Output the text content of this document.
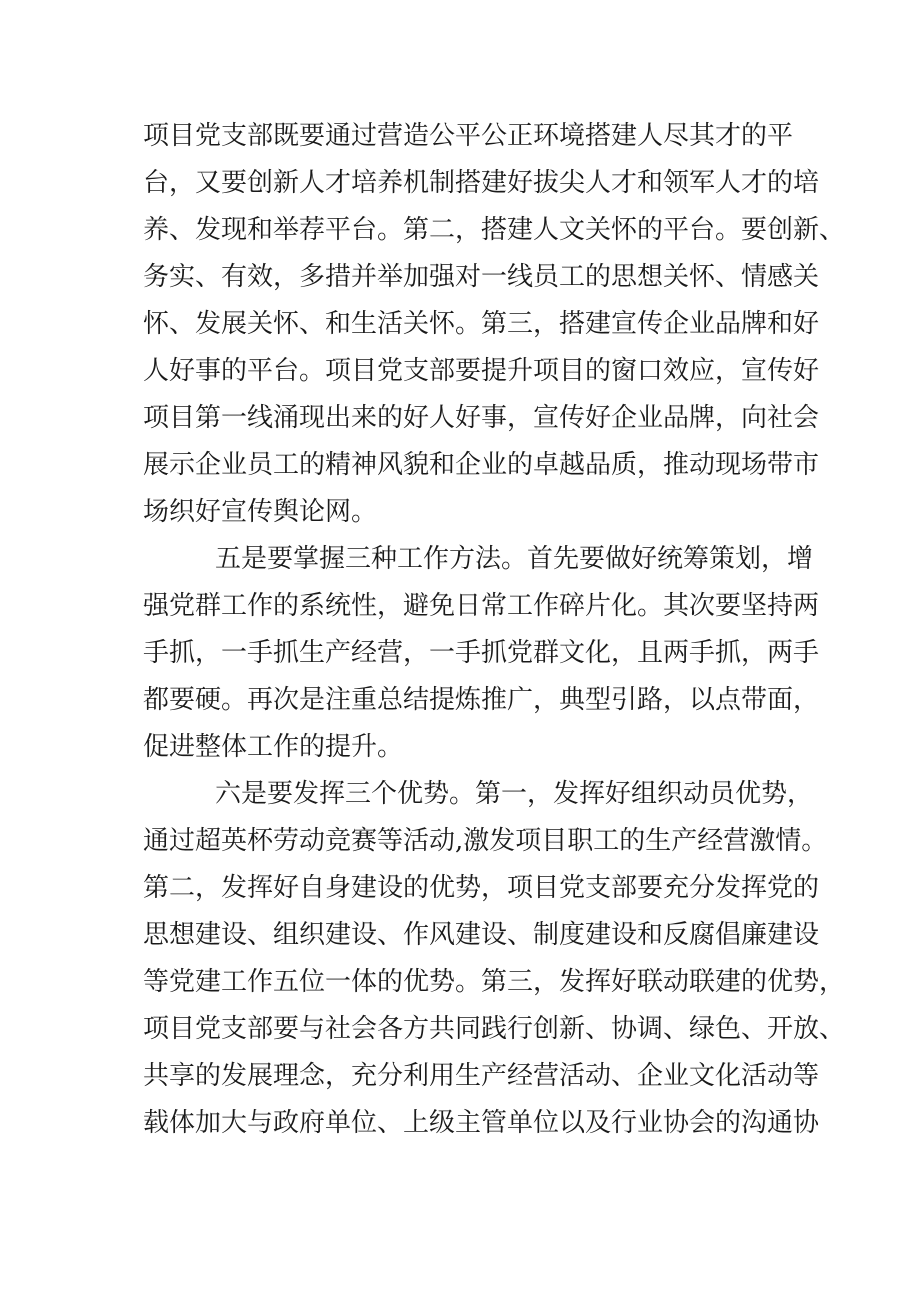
项目党支部既要通过营造公平公正环境搭建人尽其才的平
台，又要创新人才培养机制搭建好拔尖人才和领军人才的培
养、发现和举荐平台。第二，搭建人文关怀的平台。要创新、
务实、有效，多措并举加强对一线员工的思想关怀、情感关
怀、发展关怀、和生活关怀。第三，搭建宣传企业品牌和好
人好事的平台。项目党支部要提升项目的窗口效应，宣传好
项目第一线涌现出来的好人好事，宣传好企业品牌，向社会
展示企业员工的精神风貌和企业的卓越品质，推动现场带市
场织好宣传舆论网。
五是要掌握三种工作方法。首先要做好统筹策划，增
强党群工作的系统性，避免日常工作碎片化。其次要坚持两
手抓，一手抓生产经营，一手抓党群文化，且两手抓，两手
都要硬。再次是注重总结提炼推广，典型引路，以点带面，
促进整体工作的提升。
六是要发挥三个优势。第一，发挥好组织动员优势，
通过超英杯劳动竞赛等活动,激发项目职工的生产经营激情。
第二，发挥好自身建设的优势，项目党支部要充分发挥党的
思想建设、组织建设、作风建设、制度建设和反腐倡廉建设
等党建工作五位一体的优势。第三，发挥好联动联建的优势，
项目党支部要与社会各方共同践行创新、协调、绿色、开放、
共享的发展理念，充分利用生产经营活动、企业文化活动等
载体加大与政府单位、上级主管单位以及行业协会的沟通协
